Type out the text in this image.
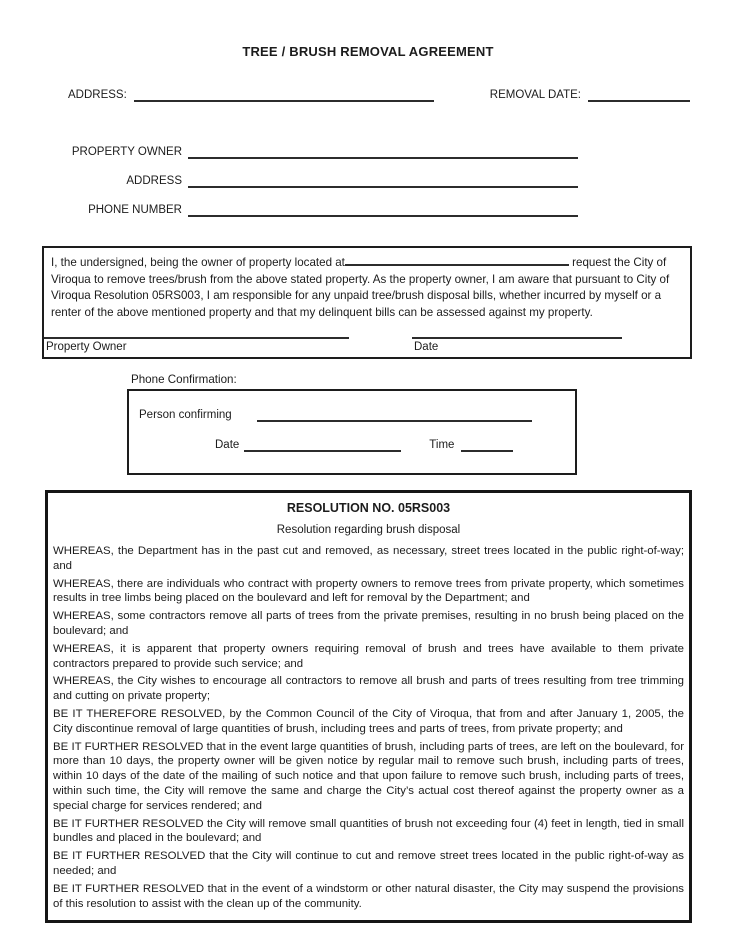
TREE / BRUSH REMOVAL AGREEMENT
ADDRESS:	REMOVAL DATE:
PROPERTY OWNER
ADDRESS
PHONE NUMBER
I, the undersigned, being the owner of property located at	request the City of Viroqua to remove trees/brush from the above stated property. As the property owner, I am aware that pursuant to City of Viroqua Resolution 05RS003, I am responsible for any unpaid tree/brush disposal bills, whether incurred by myself or a renter of the above mentioned property and that my delinquent bills can be assessed against my property.
Property Owner	Date
Phone Confirmation:
Person confirming
Date	Time
RESOLUTION NO. 05RS003
Resolution regarding brush disposal

WHEREAS, the Department has in the past cut and removed, as necessary, street trees located in the public right-of-way; and

WHEREAS, there are individuals who contract with property owners to remove trees from private property, which sometimes results in tree limbs being placed on the boulevard and left for removal by the Department; and

WHEREAS, some contractors remove all parts of trees from the private premises, resulting in no brush being placed on the boulevard; and

WHEREAS, it is apparent that property owners requiring removal of brush and trees have available to them private contractors prepared to provide such service; and

WHEREAS, the City wishes to encourage all contractors to remove all brush and parts of trees resulting from tree trimming and cutting on private property;

BE IT THEREFORE RESOLVED, by the Common Council of the City of Viroqua, that from and after January 1, 2005, the City discontinue removal of large quantities of brush, including trees and parts of trees, from private property; and

BE IT FURTHER RESOLVED that in the event large quantities of brush, including parts of trees, are left on the boulevard, for more than 10 days, the property owner will be given notice by regular mail to remove such brush, including parts of trees, within 10 days of the date of the mailing of such notice and that upon failure to remove such brush, including parts of trees, within such time, the City will remove the same and charge the City’s actual cost thereof against the property owner as a special charge for services rendered; and

BE IT FURTHER RESOLVED the City will remove small quantities of brush not exceeding four (4) feet in length, tied in small bundles and placed in the boulevard; and

BE IT FURTHER RESOLVED that the City will continue to cut and remove street trees located in the public right-of-way as needed; and

BE IT FURTHER RESOLVED that in the event of a windstorm or other natural disaster, the City may suspend the provisions of this resolution to assist with the clean up of the community.
